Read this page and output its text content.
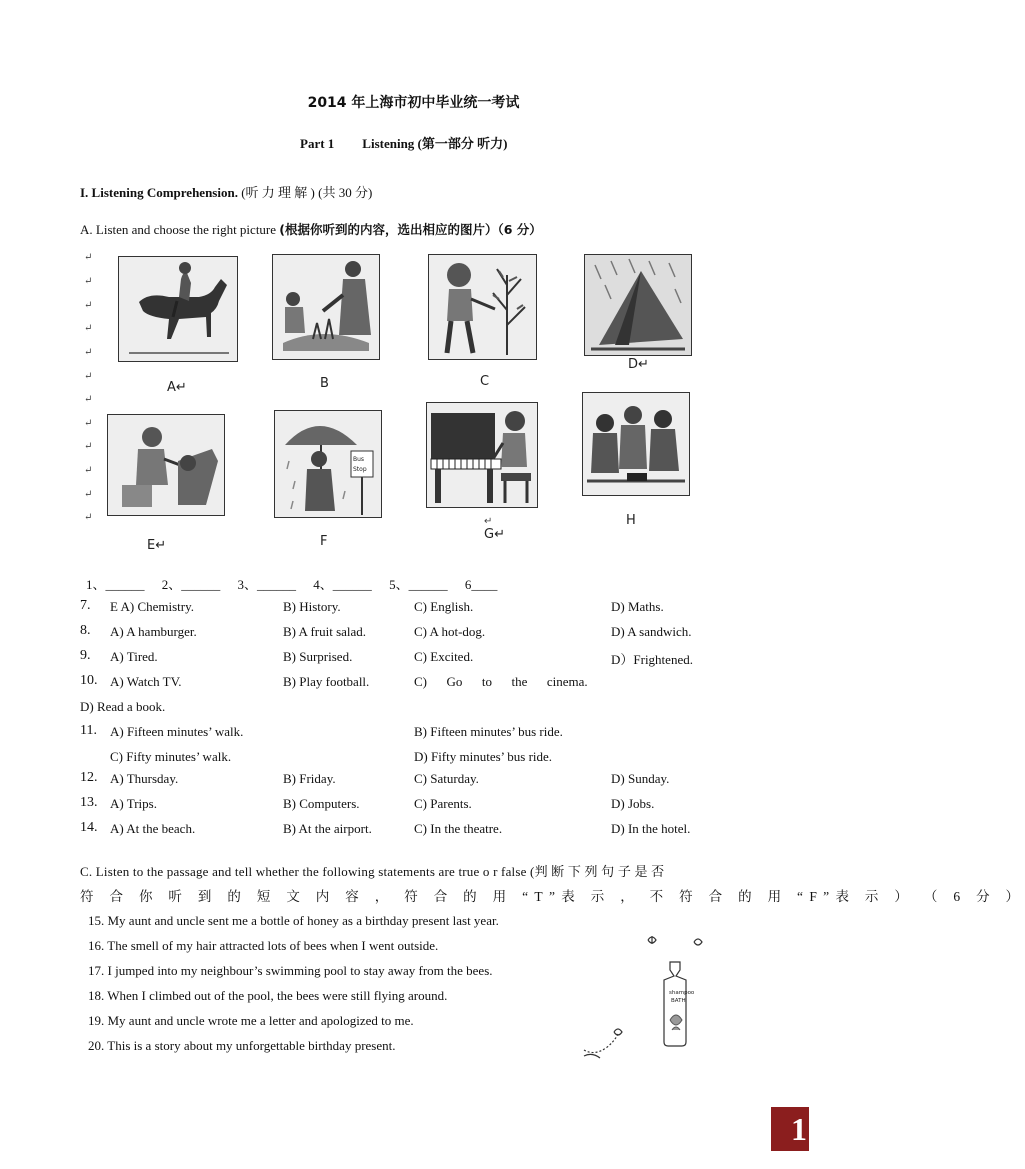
2014 年上海市初中毕业统一考试
Part 1 Listening (第一部分 听力)
I. Listening Comprehension. (听 力 理 解 ) (共 30 分)
A. Listen and choose the right picture (根据你听到的内容，选出相应的图片）（6 分）
↵
↵
↵
↵
↵
↵
↵
↵
↵
↵
↵
↵
A↵	B	C
D↵
E↵
Bus
Stop
F
↵
G↵
H
1、______ 2、______ 3、______ 4、______ 5、______ 6____
7. E A) Chemistry.	B) History.	C) English.	D) Maths.
8. A) A hamburger.	B) A fruit salad.	C) A hot-dog.	D) A sandwich.
9. A) Tired.	B) Surprised.	C) Excited.	D）Frightened.
10. A) Watch TV.	B) Play football.	C)      Go      to      the      cinema.
D) Read a book.
11. A) Fifteen minutes’ walk.	B) Fifteen minutes’ bus ride.
C) Fifty minutes’ walk.	D) Fifty minutes’ bus ride.
12. A) Thursday.	B) Friday.	C) Saturday.	D) Sunday.
13. A) Trips.	B) Computers.	C) Parents.	D) Jobs.
14. A) At the beach.	B) At the airport.	C) In the theatre.	D) In the hotel.
C. Listen to the passage and tell whether the following statements are true o r false (判 断 下 列 句 子 是 否
符 合 你 听 到 的 短 文 内 容 ， 符 合 的 用 “T”表 示 ， 不 符 合 的 用 “F”表 示 ） （ 6 分 ）
15. My aunt and uncle sent me a bottle of honey as a birthday present last year.
16. The smell of my hair attracted lots of bees when I went outside.
17. I jumped into my neighbour’s swimming pool to stay away from the bees.
18. When I climbed out of the pool, the bees were still flying around.
19. My aunt and uncle wrote me a letter and apologized to me.
20. This is a story about my unforgettable birthday present.
shampoo
BATH
1
